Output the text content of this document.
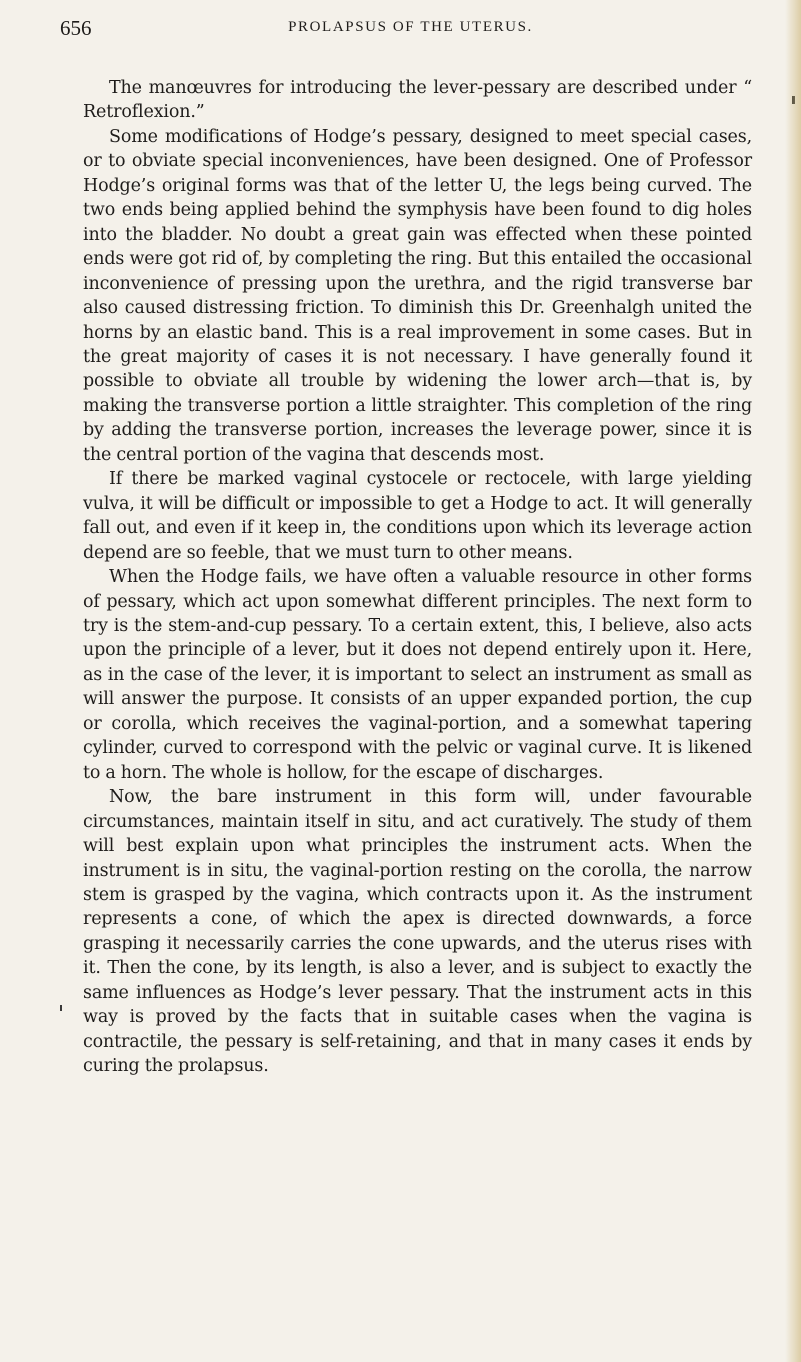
656	PROLAPSUS OF THE UTERUS.

The manœuvres for introducing the lever-pessary are described under “ Retroflexion.”

Some modifications of Hodge’s pessary, designed to meet special cases, or to obviate special inconveniences, have been designed. One of Professor Hodge’s original forms was that of the letter U, the legs being curved. The two ends being applied behind the symphysis have been found to dig holes into the bladder. No doubt a great gain was effected when these pointed ends were got rid of, by completing the ring. But this entailed the occasional inconvenience of pressing upon the urethra, and the rigid transverse bar also caused distressing friction. To diminish this Dr. Greenhalgh united the horns by an elastic band. This is a real improvement in some cases. But in the great majority of cases it is not necessary. I have generally found it possible to obviate all trouble by widening the lower arch—that is, by making the transverse portion a little straighter. This completion of the ring by adding the transverse portion, increases the leverage power, since it is the central portion of the vagina that descends most.

If there be marked vaginal cystocele or rectocele, with large yielding vulva, it will be difficult or impossible to get a Hodge to act. It will generally fall out, and even if it keep in, the conditions upon which its leverage action depend are so feeble, that we must turn to other means.

When the Hodge fails, we have often a valuable resource in other forms of pessary, which act upon somewhat different principles. The next form to try is the stem-and-cup pessary. To a certain extent, this, I believe, also acts upon the principle of a lever, but it does not depend entirely upon it. Here, as in the case of the lever, it is important to select an instrument as small as will answer the purpose. It consists of an upper expanded portion, the cup or corolla, which receives the vaginal-portion, and a somewhat tapering cylinder, curved to correspond with the pelvic or vaginal curve. It is likened to a horn. The whole is hollow, for the escape of discharges.

Now, the bare instrument in this form will, under favourable circumstances, maintain itself in situ, and act curatively. The study of them will best explain upon what principles the instrument acts. When the instrument is in situ, the vaginal-portion resting on the corolla, the narrow stem is grasped by the vagina, which contracts upon it. As the instrument represents a cone, of which the apex is directed downwards, a force grasping it necessarily carries the cone upwards, and the uterus rises with it. Then the cone, by its length, is also a lever, and is subject to exactly the same influences as Hodge’s lever pessary. That the instrument acts in this way is proved by the facts that in suitable cases when the vagina is contractile, the pessary is self-retaining, and that in many cases it ends by curing the prolapsus.
